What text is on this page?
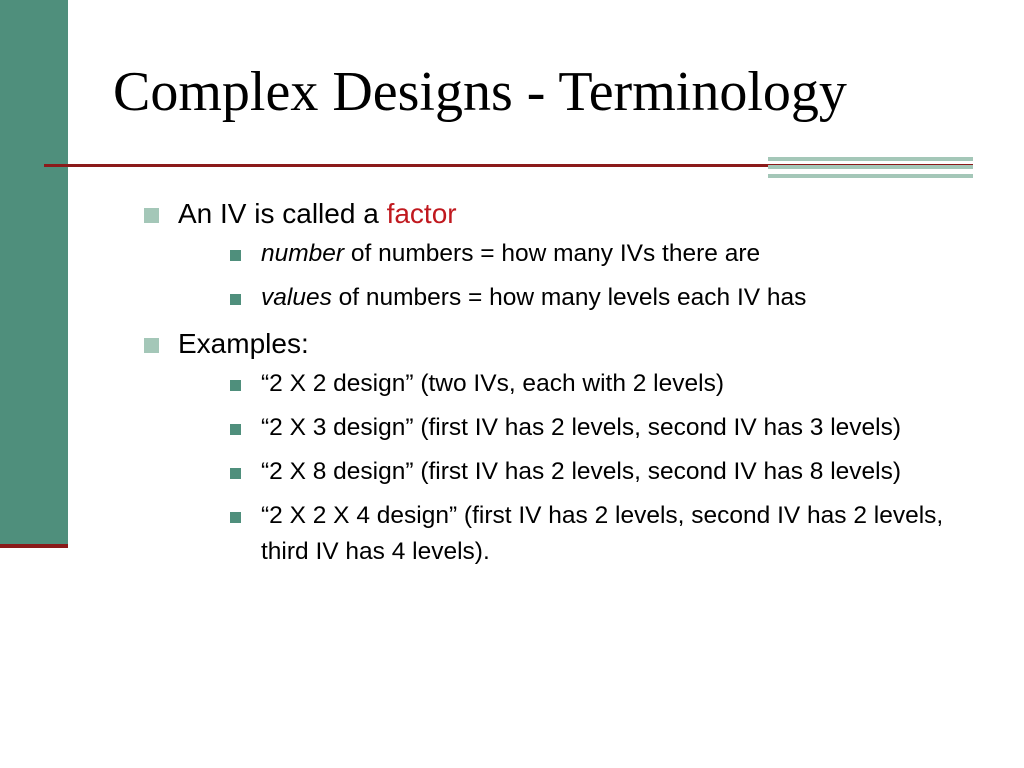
Complex Designs - Terminology
An IV is called a factor
number of numbers = how many IVs there are
values of numbers = how many levels each IV has
Examples:
“2 X 2 design” (two IVs, each with 2 levels)
“2 X 3 design” (first IV has 2 levels, second IV has 3 levels)
“2 X 8 design” (first IV has 2 levels, second IV has 8 levels)
“2 X 2 X 4 design” (first IV has 2 levels, second IV has 2 levels, third IV has 4 levels).
